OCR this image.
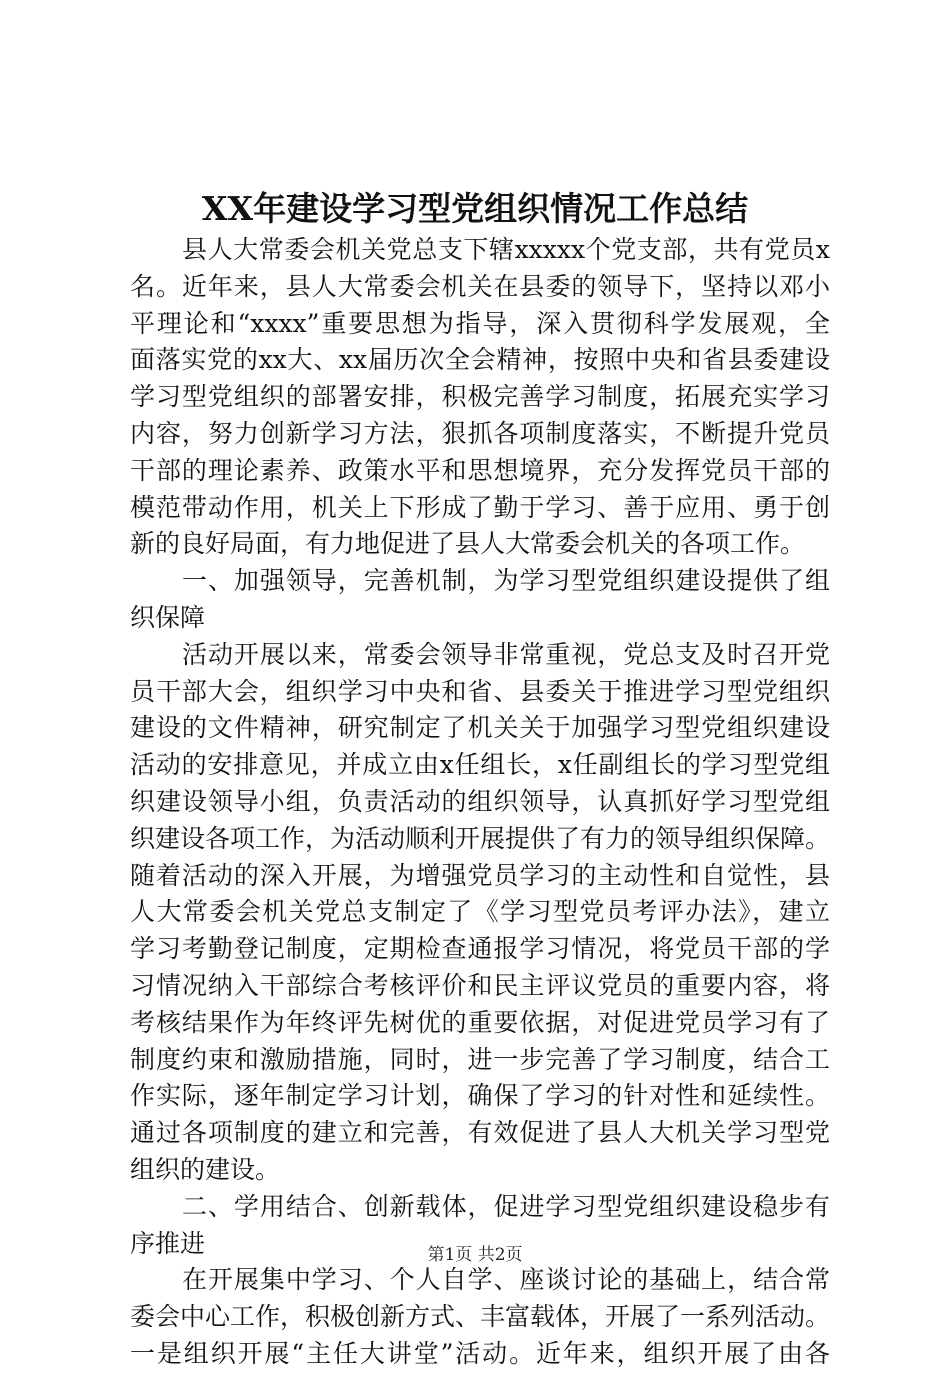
XX年建设学习型党组织情况工作总结
县人大常委会机关党总支下辖xxxxx个党支部，共有党员x
名。近年来，县人大常委会机关在县委的领导下，坚持以邓小
平理论和“xxxx”重要思想为指导，深入贯彻科学发展观，全
面落实党的xx大、xx届历次全会精神，按照中央和省县委建设
学习型党组织的部署安排，积极完善学习制度，拓展充实学习
内容，努力创新学习方法，狠抓各项制度落实，不断提升党员
干部的理论素养、政策水平和思想境界，充分发挥党员干部的
模范带动作用，机关上下形成了勤于学习、善于应用、勇于创
新的良好局面，有力地促进了县人大常委会机关的各项工作。
一、加强领导，完善机制，为学习型党组织建设提供了组
织保障
活动开展以来，常委会领导非常重视，党总支及时召开党
员干部大会，组织学习中央和省、县委关于推进学习型党组织
建设的文件精神，研究制定了机关关于加强学习型党组织建设
活动的安排意见，并成立由x任组长，x任副组长的学习型党组
织建设领导小组，负责活动的组织领导，认真抓好学习型党组
织建设各项工作，为活动顺利开展提供了有力的领导组织保障。
随着活动的深入开展，为增强党员学习的主动性和自觉性，县
人大常委会机关党总支制定了《学习型党员考评办法》，建立
学习考勤登记制度，定期检查通报学习情况，将党员干部的学
习情况纳入干部综合考核评价和民主评议党员的重要内容，将
考核结果作为年终评先树优的重要依据，对促进党员学习有了
制度约束和激励措施，同时，进一步完善了学习制度，结合工
作实际，逐年制定学习计划，确保了学习的针对性和延续性。
通过各项制度的建立和完善，有效促进了县人大机关学习型党
组织的建设。
二、学用结合、创新载体，促进学习型党组织建设稳步有
序推进
在开展集中学习、个人自学、座谈讨论的基础上，结合常
委会中心工作，积极创新方式、丰富载体，开展了一系列活动。
一是组织开展“主任大讲堂”活动。近年来，组织开展了由各
第1页 共2页
